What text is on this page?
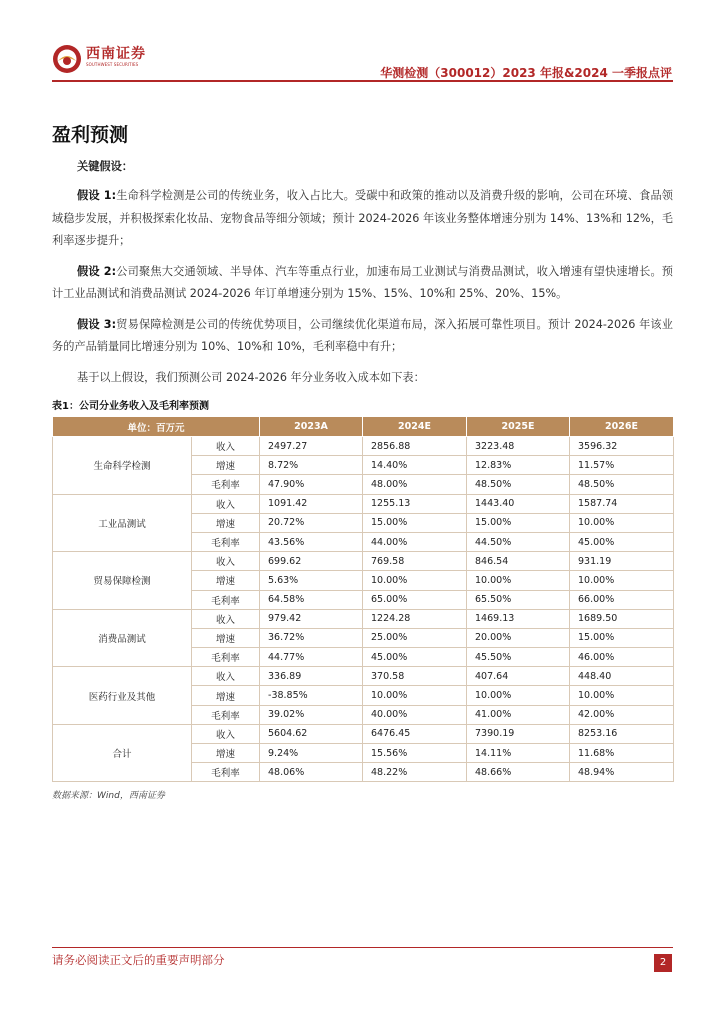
西南证券
SOUTHWEST SECURITIES
华测检测（300012）2023 年报&2024 一季报点评
盈利预测

关键假设：

假设 1:生命科学检测是公司的传统业务，收入占比大。受碳中和政策的推动以及消费升级的影响，公司在环境、食品领域稳步发展，并积极探索化妆品、宠物食品等细分领域；预计 2024-2026 年该业务整体增速分别为 14%、13%和 12%，毛利率逐步提升；

假设 2:公司聚焦大交通领域、半导体、汽车等重点行业，加速布局工业测试与消费品测试，收入增速有望快速增长。预计工业品测试和消费品测试 2024-2026 年订单增速分别为 15%、15%、10%和 25%、20%、15%。

假设 3:贸易保障检测是公司的传统优势项目，公司继续优化渠道布局，深入拓展可靠性项目。预计 2024-2026 年该业务的产品销量同比增速分别为 10%、10%和 10%，毛利率稳中有升；

基于以上假设，我们预测公司 2024-2026 年分业务收入成本如下表：

表1：公司分业务收入及毛利率预测
单位：百万元		2023A	2024E	2025E	2026E
生命科学检测	收入	2497.27	2856.88	3223.48	3596.32
	增速	8.72%	14.40%	12.83%	11.57%
	毛利率	47.90%	48.00%	48.50%	48.50%
工业品测试	收入	1091.42	1255.13	1443.40	1587.74
	增速	20.72%	15.00%	15.00%	10.00%
	毛利率	43.56%	44.00%	44.50%	45.00%
贸易保障检测	收入	699.62	769.58	846.54	931.19
	增速	5.63%	10.00%	10.00%	10.00%
	毛利率	64.58%	65.00%	65.50%	66.00%
消费品测试	收入	979.42	1224.28	1469.13	1689.50
	增速	36.72%	25.00%	20.00%	15.00%
	毛利率	44.77%	45.00%	45.50%	46.00%
医药行业及其他	收入	336.89	370.58	407.64	448.40
	增速	-38.85%	10.00%	10.00%	10.00%
	毛利率	39.02%	40.00%	41.00%	42.00%
合计	收入	5604.62	6476.45	7390.19	8253.16
	增速	9.24%	15.56%	14.11%	11.68%
	毛利率	48.06%	48.22%	48.66%	48.94%
数据来源：Wind，西南证券
请务必阅读正文后的重要声明部分	2
